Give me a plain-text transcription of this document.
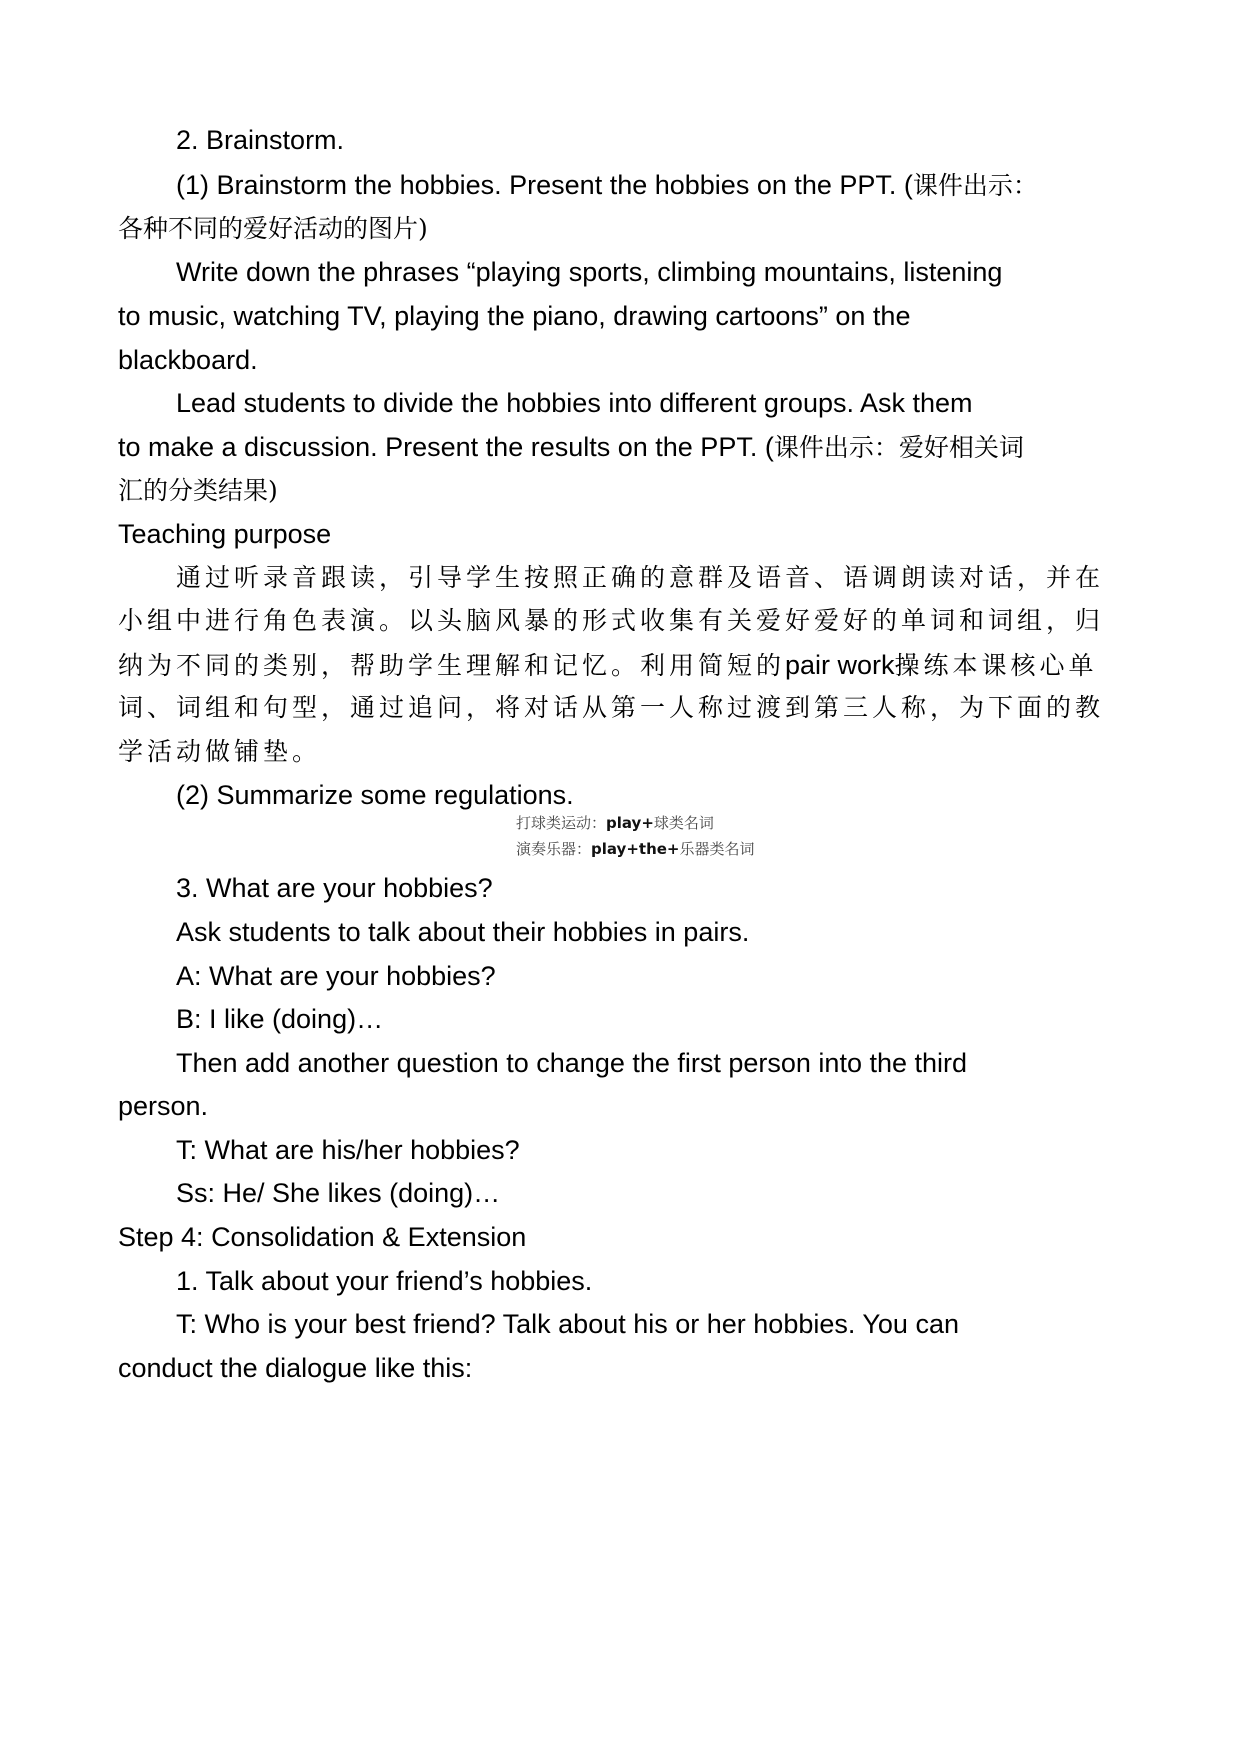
2. Brainstorm.
(1) Brainstorm the hobbies. Present the hobbies on the PPT. (课件出示：
各种不同的爱好活动的图片)
Write down the phrases “playing sports, climbing mountains, listening
to music, watching TV, playing the piano, drawing cartoons” on the
blackboard.
Lead students to divide the hobbies into different groups. Ask them
to make a discussion. Present the results on the PPT. (课件出示：爱好相关词
汇的分类结果)
Teaching purpose
通过听录音跟读，引导学生按照正确的意群及语音、语调朗读对话，并在
小组中进行角色表演。以头脑风暴的形式收集有关爱好爱好的单词和词组，归
纳为不同的类别，帮助学生理解和记忆。利用简短的pair work操练本课核心单
词、词组和句型，通过追问，将对话从第一人称过渡到第三人称，为下面的教
学活动做铺垫。
(2) Summarize some regulations.
打球类运动：play+球类名词
演奏乐器：play+the+乐器类名词
3. What are your hobbies?
Ask students to talk about their hobbies in pairs.
A: What are your hobbies?
B: I like (doing)…
Then add another question to change the first person into the third
person.
T: What are his/her hobbies?
Ss: He/ She likes (doing)…
Step 4: Consolidation & Extension
1. Talk about your friend’s hobbies.
T: Who is your best friend? Talk about his or her hobbies. You can
conduct the dialogue like this:
